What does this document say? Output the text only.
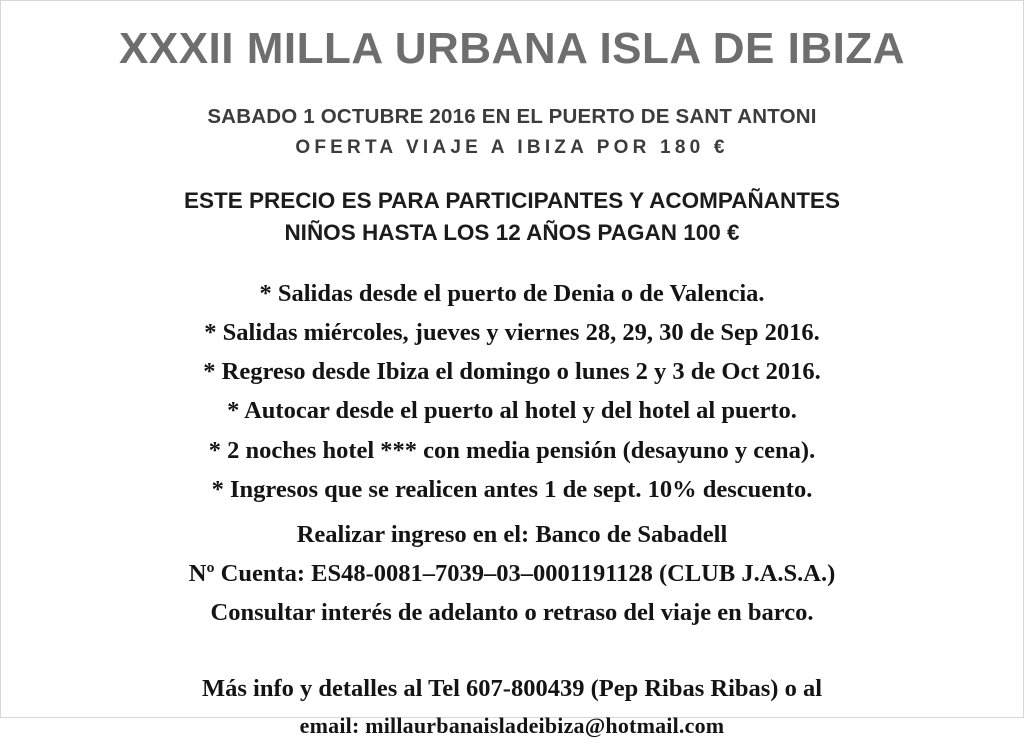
XXXII MILLA URBANA ISLA DE IBIZA
SABADO 1 OCTUBRE 2016 EN EL PUERTO DE SANT ANTONI
OFERTA VIAJE A IBIZA POR 180 €
ESTE PRECIO ES PARA PARTICIPANTES Y ACOMPAÑANTES
NIÑOS HASTA LOS 12 AÑOS PAGAN 100 €
* Salidas desde el puerto de Denia o de Valencia.
* Salidas miércoles, jueves y viernes 28, 29, 30 de Sep 2016.
* Regreso desde Ibiza el domingo o lunes 2 y 3 de Oct 2016.
* Autocar desde el puerto al hotel y del hotel al puerto.
* 2 noches hotel *** con media pensión (desayuno y cena).
* Ingresos que se realicen antes 1 de sept. 10% descuento.
Realizar ingreso en el: Banco de Sabadell
Nº Cuenta: ES48-0081–7039–03–0001191128 (CLUB J.A.S.A.)
Consultar interés de adelanto o retraso del viaje en barco.
Más info y detalles al Tel 607-800439 (Pep Ribas Ribas) o al
email: millaurbanaisladeibiza@hotmail.com
